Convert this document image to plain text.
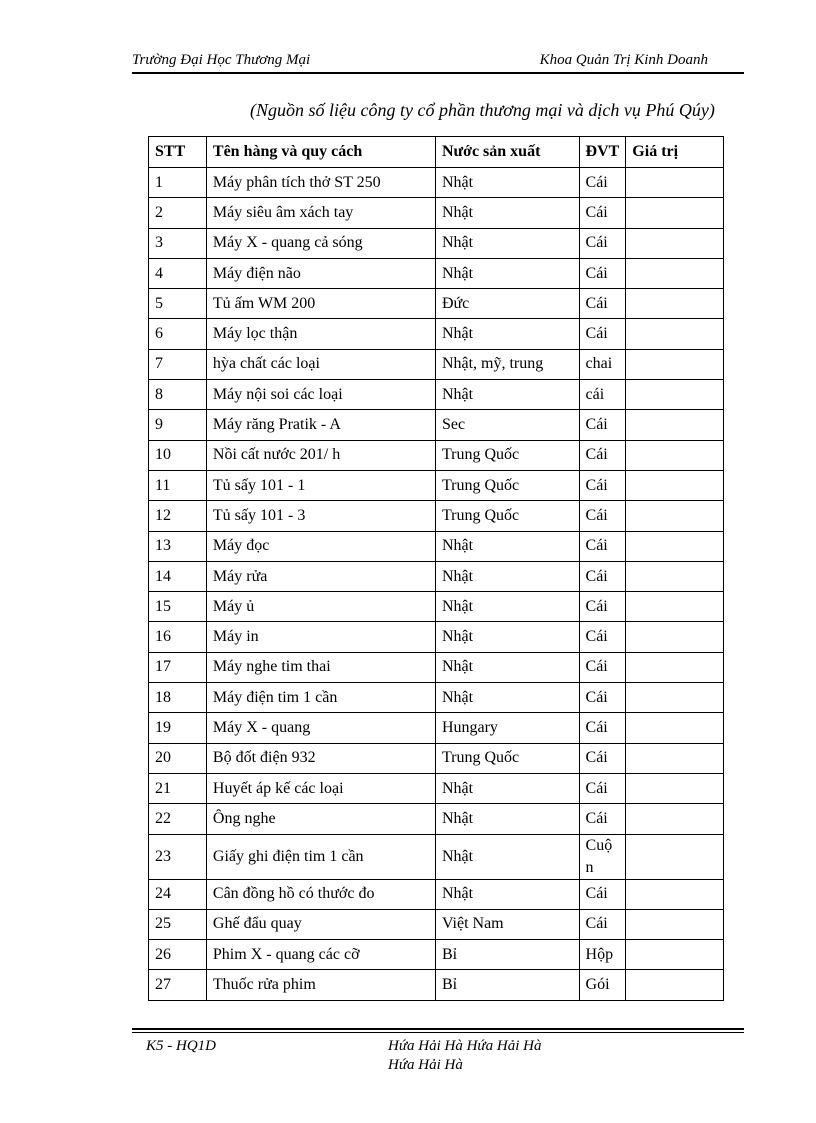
Trường Đại Học Thương Mại	Khoa Quản Trị Kinh Doanh
(Nguồn số liệu công ty cổ phần thương mại và dịch vụ Phú Qúy)
STT	Tên hàng và quy cách	Nước sản xuất	ĐVT	Giá trị
1	Máy phân tích thở ST 250	Nhật	Cái	
2	Máy siêu âm xách tay	Nhật	Cái	
3	Máy X - quang cả sóng	Nhật	Cái	
4	Máy điện não	Nhật	Cái	
5	Tủ ấm WM 200	Đức	Cái	
6	Máy lọc thận	Nhật	Cái	
7	hỳa chất các loại	Nhật, mỹ, trung	chai	
8	Máy nội soi các loại	Nhật	cái	
9	Máy răng Pratik - A	Sec	Cái	
10	Nồi cất nước 201/ h	Trung Quốc	Cái	
11	Tủ sấy 101 - 1	Trung Quốc	Cái	
12	Tủ sấy 101 - 3	Trung Quốc	Cái	
13	Máy đọc	Nhật	Cái	
14	Máy rửa	Nhật	Cái	
15	Máy ủ	Nhật	Cái	
16	Máy in	Nhật	Cái	
17	Máy nghe tim thai	Nhật	Cái	
18	Máy điện tim 1 cần	Nhật	Cái	
19	Máy X - quang	Hungary	Cái	
20	Bộ đốt điện 932	Trung Quốc	Cái	
21	Huyết áp kế các loại	Nhật	Cái	
22	Ông nghe	Nhật	Cái	
23	Giấy ghi điện tim 1 cần	Nhật	Cuộ n	
24	Cân đồng hồ có thước đo	Nhật	Cái	
25	Ghế đẩu quay	Việt Nam	Cái	
26	Phim X - quang các cỡ	Bỉ	Hộp	
27	Thuốc rửa phim	Bỉ	Gói	
K5 - HQ1D	Hứa Hải Hà Hứa Hải Hà
Hứa Hải Hà
